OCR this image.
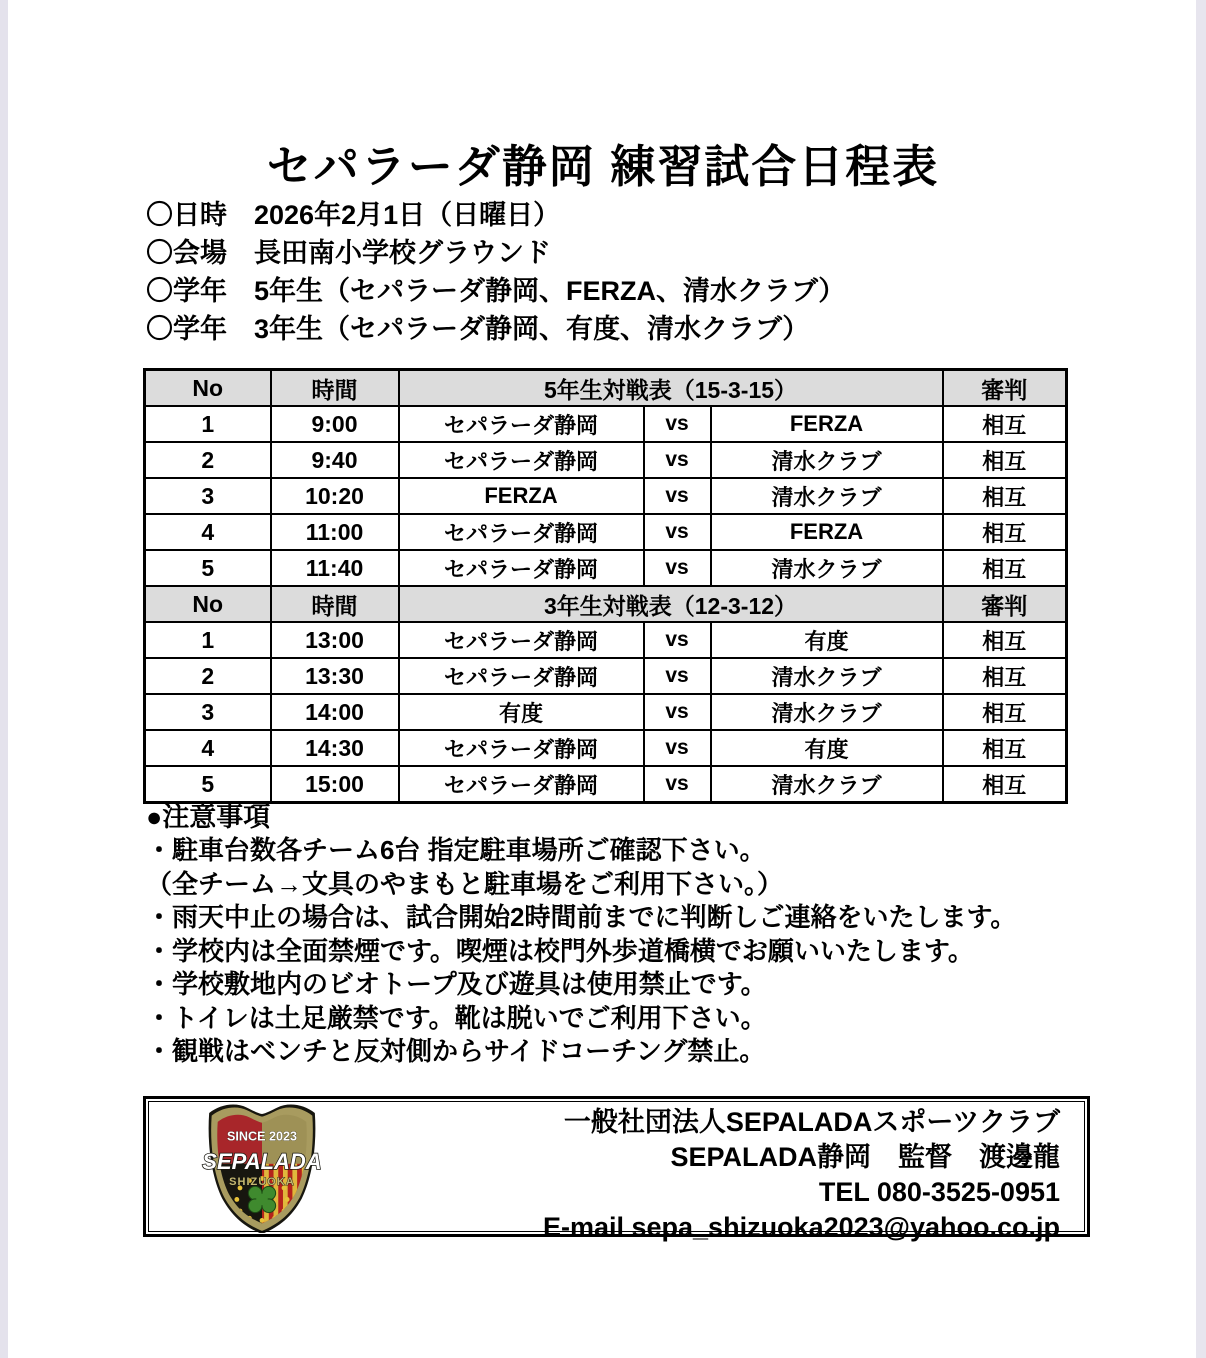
セパラーダ静岡 練習試合日程表
〇日時　2026年2月1日（日曜日）
〇会場　長田南小学校グラウンド
〇学年　5年生（セパラーダ静岡、FERZA、清水クラブ）
〇学年　3年生（セパラーダ静岡、有度、清水クラブ）
No	時間	5年生対戦表（15-3-15）			審判
1	9:00	セパラーダ静岡	vs	FERZA	相互
2	9:40	セパラーダ静岡	vs	清水クラブ	相互
3	10:20	FERZA	vs	清水クラブ	相互
4	11:00	セパラーダ静岡	vs	FERZA	相互
5	11:40	セパラーダ静岡	vs	清水クラブ	相互
No	時間	3年生対戦表（12-3-12）			審判
1	13:00	セパラーダ静岡	vs	有度	相互
2	13:30	セパラーダ静岡	vs	清水クラブ	相互
3	14:00	有度	vs	清水クラブ	相互
4	14:30	セパラーダ静岡	vs	有度	相互
5	15:00	セパラーダ静岡	vs	清水クラブ	相互
●注意事項
・駐車台数各チーム6台 指定駐車場所ご確認下さい。
（全チーム→文具のやまもと駐車場をご利用下さい。）
・雨天中止の場合は、試合開始2時間前までに判断しご連絡をいたします。
・学校内は全面禁煙です。喫煙は校門外歩道橋横でお願いいたします。
・学校敷地内のビオトープ及び遊具は使用禁止です。
・トイレは土足厳禁です。靴は脱いでご利用下さい。
・観戦はベンチと反対側からサイドコーチング禁止。
SINCE 2023
SEPALADA
SHIZUOKA
一般社団法人SEPALADAスポーツクラブ
SEPALADA静岡　監督　渡邊龍
TEL 080-3525-0951
E-mail sepa_shizuoka2023@yahoo.co.jp
